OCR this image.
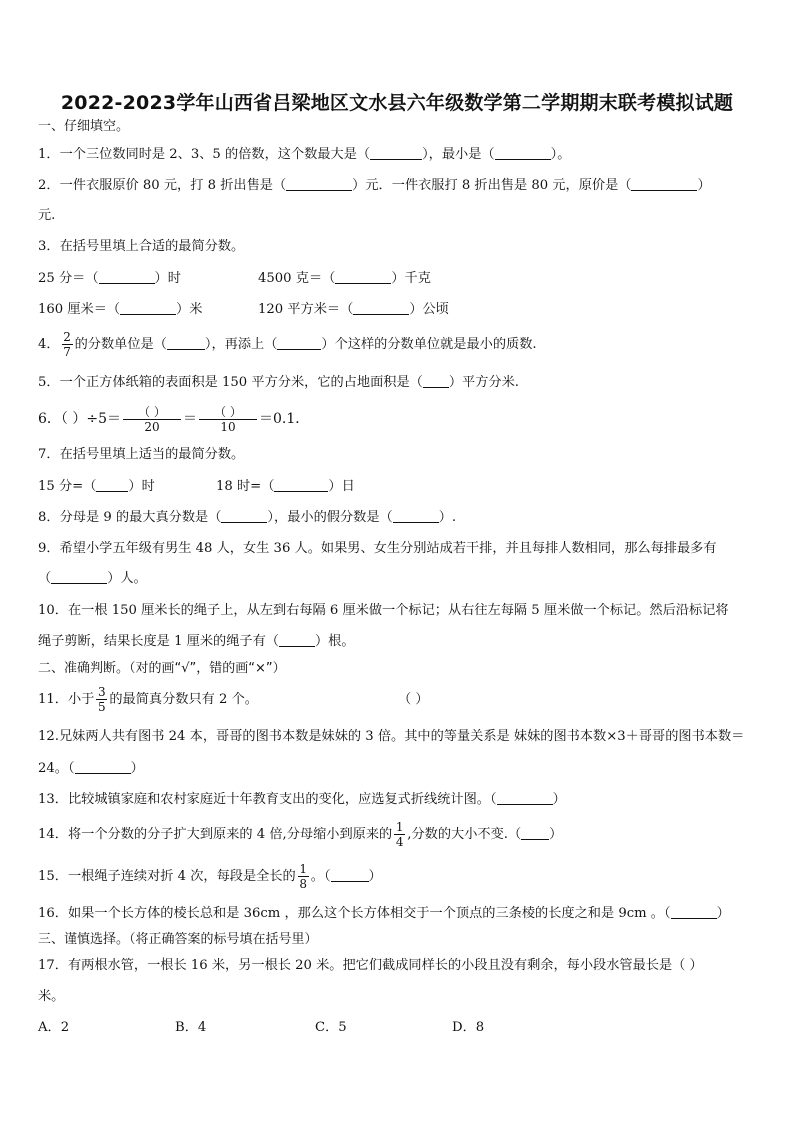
2022-2023学年山西省吕梁地区文水县六年级数学第二学期期末联考模拟试题
一、仔细填空。
1．一个三位数同时是 2、3、5 的倍数，这个数最大是（	），最小是（	）。
2．一件衣服原价 80 元，打 8 折出售是（	）元．一件衣服打 8 折出售是 80 元，原价是（	）
元.
3．在括号里填上合适的最简分数。
25 分＝（	）时	4500 克＝（	）千克
160 厘米＝（	）米	120 平方米＝（	）公顷
4． $\frac{2}{7}$ 的分数单位是（	），再添上（	）个这样的分数单位就是最小的质数.
5．一个正方体纸箱的表面积是 150 平方分米，它的占地面积是（ ）平方分米.
6．（ ）$\div 5= \frac{( )}{20} = \frac{( )}{10} =0.1$．
7．在括号里填上适当的最简分数。
15 分=（ ）时	18 时=（	）日
8．分母是 9 的最大真分数是（	），最小的假分数是（	）.
9．希望小学五年级有男生 48 人，女生 36 人。如果男、女生分别站成若干排，并且每排人数相同，那么每排最多有
（	）人。
10．在一根 150 厘米长的绳子上，从左到右每隔 6 厘米做一个标记；从右往左每隔 5 厘米做一个标记。然后沿标记将
绳子剪断，结果长度是 1 厘米的绳子有（	）根。
二、准确判断。（对的画“√”，错的画“×”）
11．小于 $\frac{3}{5}$ 的最简真分数只有 2 个。	（ ）
12.兄妹两人共有图书 24 本，哥哥的图书本数是妹妹的 3 倍。其中的等量关系是 妹妹的图书本数×3＋哥哥的图书本数＝
24。（	）
13．比较城镇家庭和农村家庭近十年教育支出的变化，应选复式折线统计图。（	）
14．将一个分数的分子扩大到原来的 4 倍,分母缩小到原来的 $\frac{1}{4}$ ,分数的大小不变.（ ）
15．一根绳子连续对折 4 次，每段是全长的 $\frac{1}{8}$ 。（	）
16．如果一个长方体的棱长总和是 36cm ，那么这个长方体相交于一个顶点的三条棱的长度之和是 9cm 。（	）
三、谨慎选择。（将正确答案的标号填在括号里）
17．有两根水管，一根长 16 米，另一根长 20 米。把它们截成同样长的小段且没有剩余，每小段水管最长是（ ）
米。
A．2	B．4	C．5	D．8
